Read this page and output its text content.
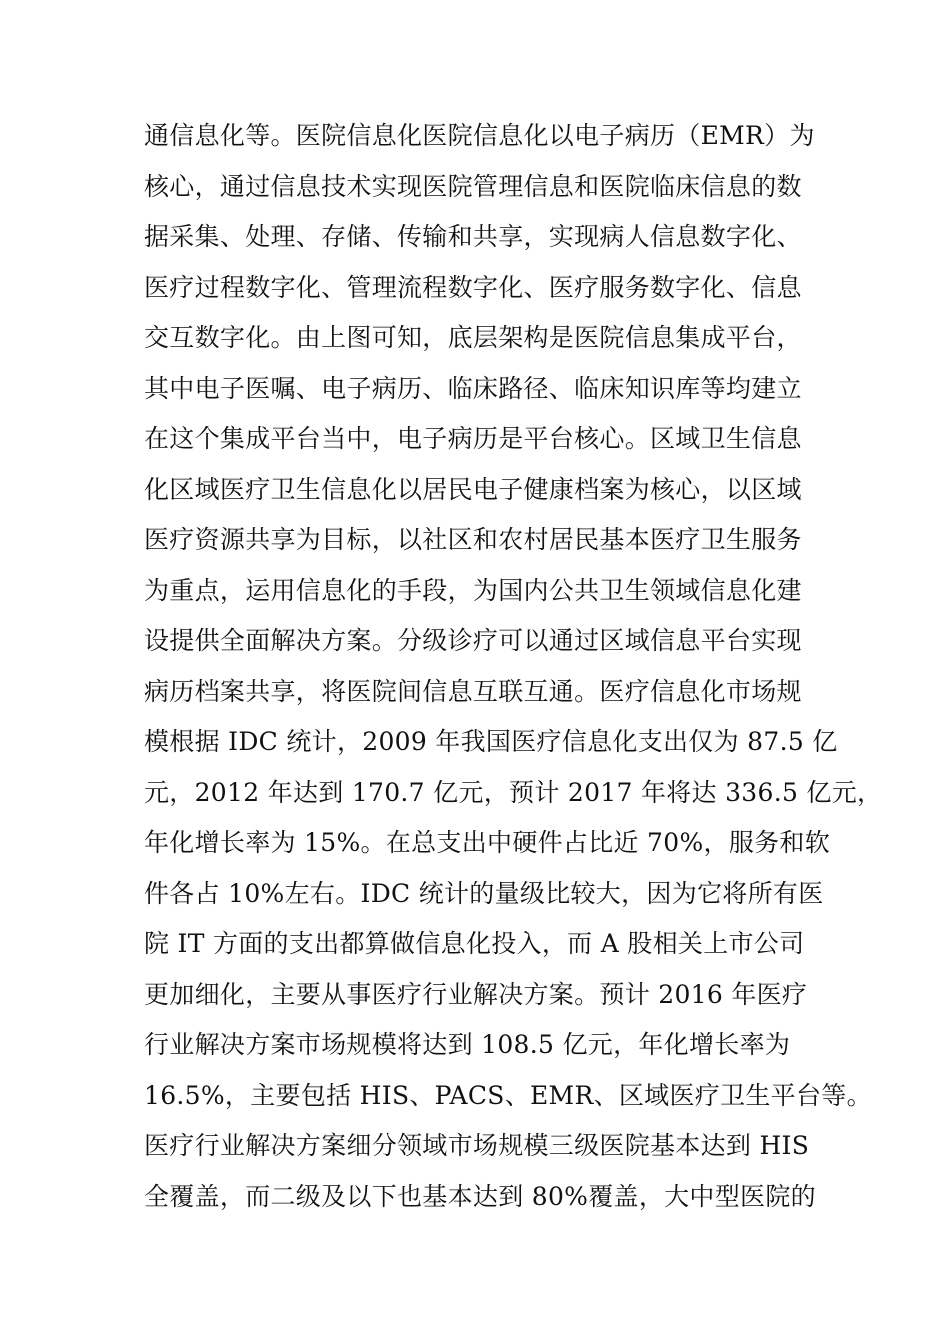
通信息化等。医院信息化医院信息化以电子病历（EMR）为
核心，通过信息技术实现医院管理信息和医院临床信息的数
据采集、处理、存储、传输和共享，实现病人信息数字化、
医疗过程数字化、管理流程数字化、医疗服务数字化、信息
交互数字化。由上图可知，底层架构是医院信息集成平台，
其中电子医嘱、电子病历、临床路径、临床知识库等均建立
在这个集成平台当中，电子病历是平台核心。区域卫生信息
化区域医疗卫生信息化以居民电子健康档案为核心，以区域
医疗资源共享为目标，以社区和农村居民基本医疗卫生服务
为重点，运用信息化的手段，为国内公共卫生领域信息化建
设提供全面解决方案。分级诊疗可以通过区域信息平台实现
病历档案共享，将医院间信息互联互通。医疗信息化市场规
模根据 IDC 统计，2009 年我国医疗信息化支出仅为 87.5 亿
元，2012 年达到 170.7 亿元，预计 2017 年将达 336.5 亿元，
年化增长率为 15%。在总支出中硬件占比近 70%，服务和软
件各占 10%左右。IDC 统计的量级比较大，因为它将所有医
院 IT 方面的支出都算做信息化投入，而 A 股相关上市公司
更加细化，主要从事医疗行业解决方案。预计 2016 年医疗
行业解决方案市场规模将达到 108.5 亿元，年化增长率为
16.5%，主要包括 HIS、PACS、EMR、区域医疗卫生平台等。
医疗行业解决方案细分领域市场规模三级医院基本达到 HIS
全覆盖，而二级及以下也基本达到 80%覆盖，大中型医院的
